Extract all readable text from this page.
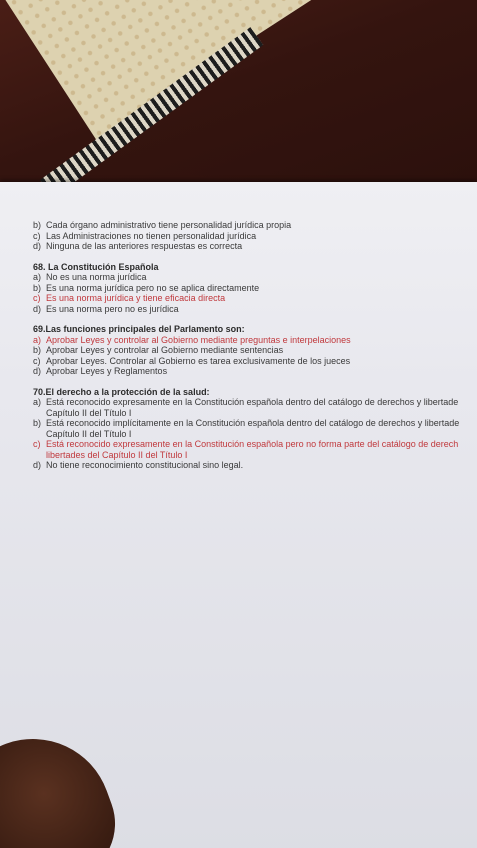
b) Cada órgano administrativo tiene personalidad jurídica propia
c) Las Administraciones no tienen personalidad jurídica
d) Ninguna de las anteriores respuestas es correcta
68. La Constitución Española
a) No es una norma jurídica
b) Es una norma jurídica pero no se aplica directamente
c) Es una norma jurídica y tiene eficacia directa
d) Es una norma pero no es jurídica
69.Las funciones principales del Parlamento son:
a) Aprobar Leyes y controlar al Gobierno mediante preguntas e interpelaciones
b) Aprobar Leyes y controlar al Gobierno mediante sentencias
c) Aprobar Leyes. Controlar al Gobierno es tarea exclusivamente de los jueces
d) Aprobar Leyes y Reglamentos
70.El derecho a la protección de la salud:
a) Está reconocido expresamente en la Constitución española dentro del catálogo de derechos y libertade
Capítulo II del Título I
b) Está reconocido implícitamente en la Constitución española dentro del catálogo de derechos y libertade
Capítulo II del Título I
c) Está reconocido expresamente en la Constitución española pero no forma parte del catálogo de derech
libertades del Capítulo II del Título I
d) No tiene reconocimiento constitucional sino legal.
